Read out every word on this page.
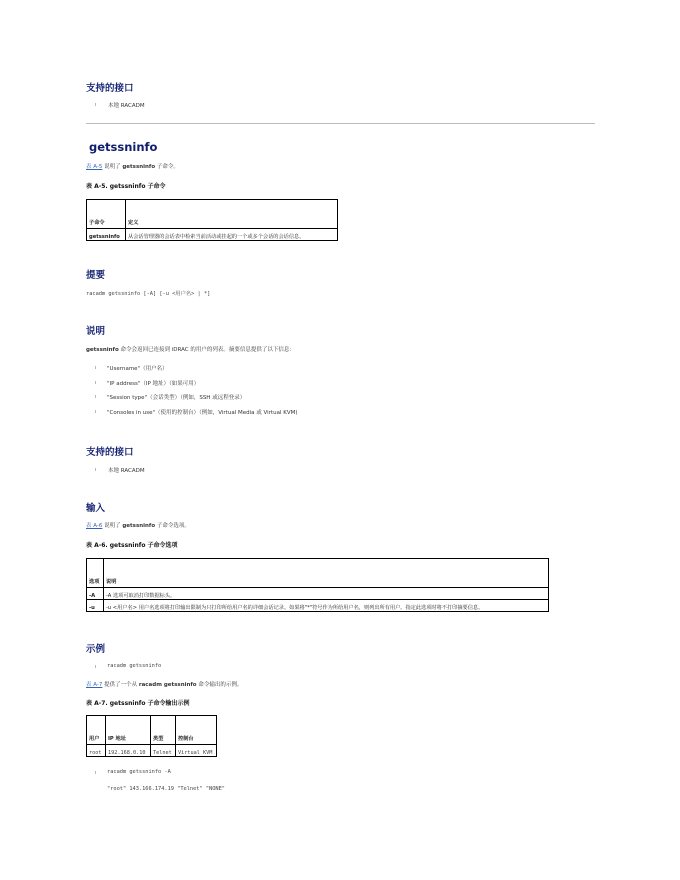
支持的接口
ı 本地 RACADM
getssninfo
表 A-5 说明了 getssninfo 子命令。
表 A-5. getssninfo 子命令
子命令	定义
getssninfo	从会话管理器的会话表中检索当前活动或挂起的一个或多个会话的会话信息。
提要
racadm getssninfo [-A] [-u <用户名> | *]
说明
getssninfo 命令会返回已连接到 iDRAC 的用户的列表。摘要信息提供了以下信息：
ı "Username"（用户名）
ı "IP address"（IP 地址）（如果可用）
ı "Session type"（会话类型）（例如，SSH 或远程登录）
ı "Consoles in use"（使用的控制台）（例如，Virtual Media 或 Virtual KVM)
支持的接口
ı 本地 RACADM
输入
表 A-6 说明了 getssninfo 子命令选项。
表 A-6. getssninfo 子命令选项
选项	说明
-A	-A 选项可取消打印数据标头。
-u	-u <用户名> 用户名选项将打印输出限制为只打印所给用户名的详细会话记录。如果将"*"符号作为所给用户名，则列出所有用户。指定此选项时将不打印摘要信息。
示例
ı racadm getssninfo
表 A-7 提供了一个从 racadm getssninfo 命令输出的示例。
表 A-7. getssninfo 子命令输出示例
用户	IP 地址	类型	控制台
root	192.168.0.10	Telnet	Virtual KVM
ı racadm getssninfo -A
"root" 143.166.174.19 "Telnet" "NONE"
